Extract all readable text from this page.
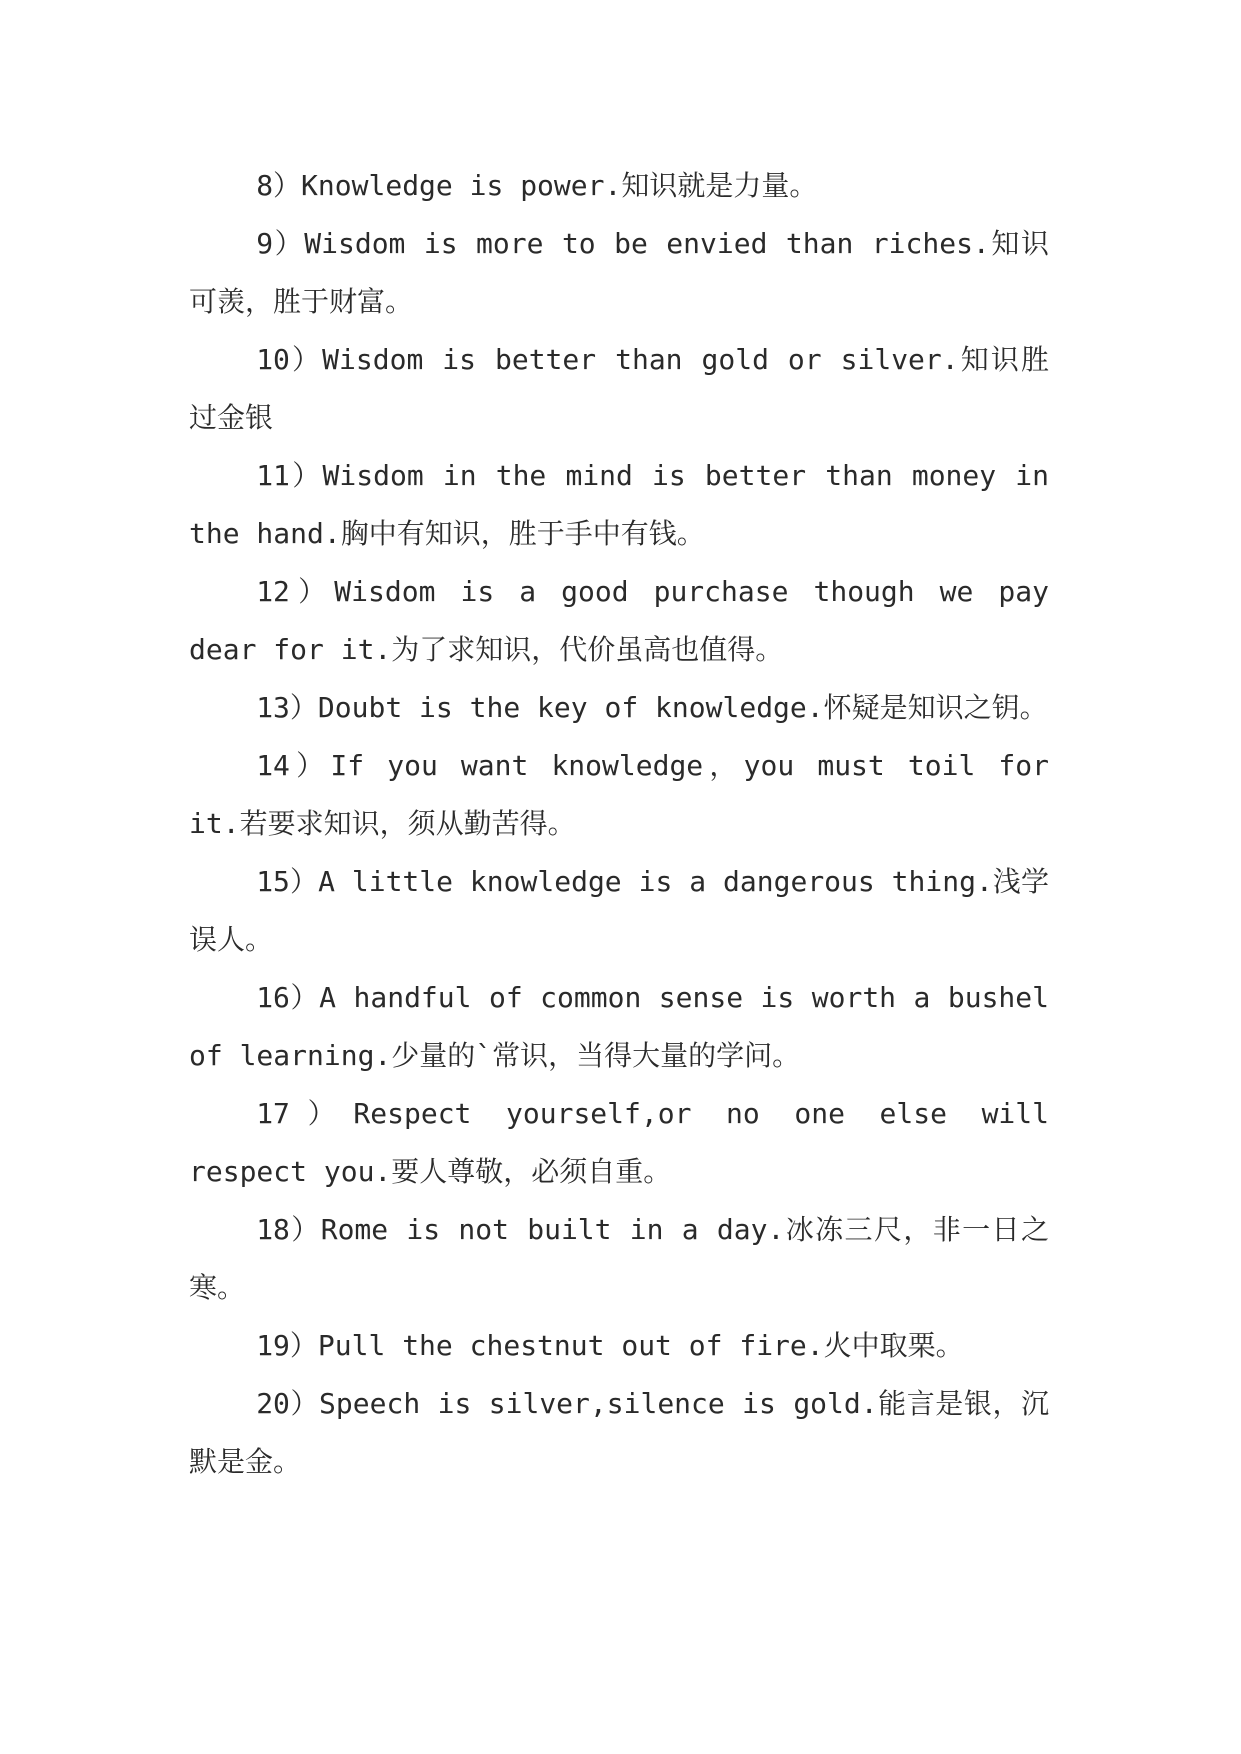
8）Knowledge is power.知识就是力量。

9）Wisdom is more to be envied than riches.知识可羡，胜于财富。

10）Wisdom is better than gold or silver.知识胜过金银

11）Wisdom in the mind is better than money in the hand.胸中有知识，胜于手中有钱。

12）Wisdom is a good purchase though we pay dear for it.为了求知识，代价虽高也值得。

13）Doubt is the key of knowledge.怀疑是知识之钥。

14）If you want knowledge，you must toil for it.若要求知识，须从勤苦得。

15）A little knowledge is a dangerous thing.浅学误人。

16）A handful of common sense is worth a bushel of learning.少量的`常识，当得大量的学问。

17）Respect yourself,or no one else will respect you.要人尊敬，必须自重。

18）Rome is not built in a day.冰冻三尺，非一日之寒。

19）Pull the chestnut out of fire.火中取栗。

20）Speech is silver,silence is gold.能言是银，沉默是金。
